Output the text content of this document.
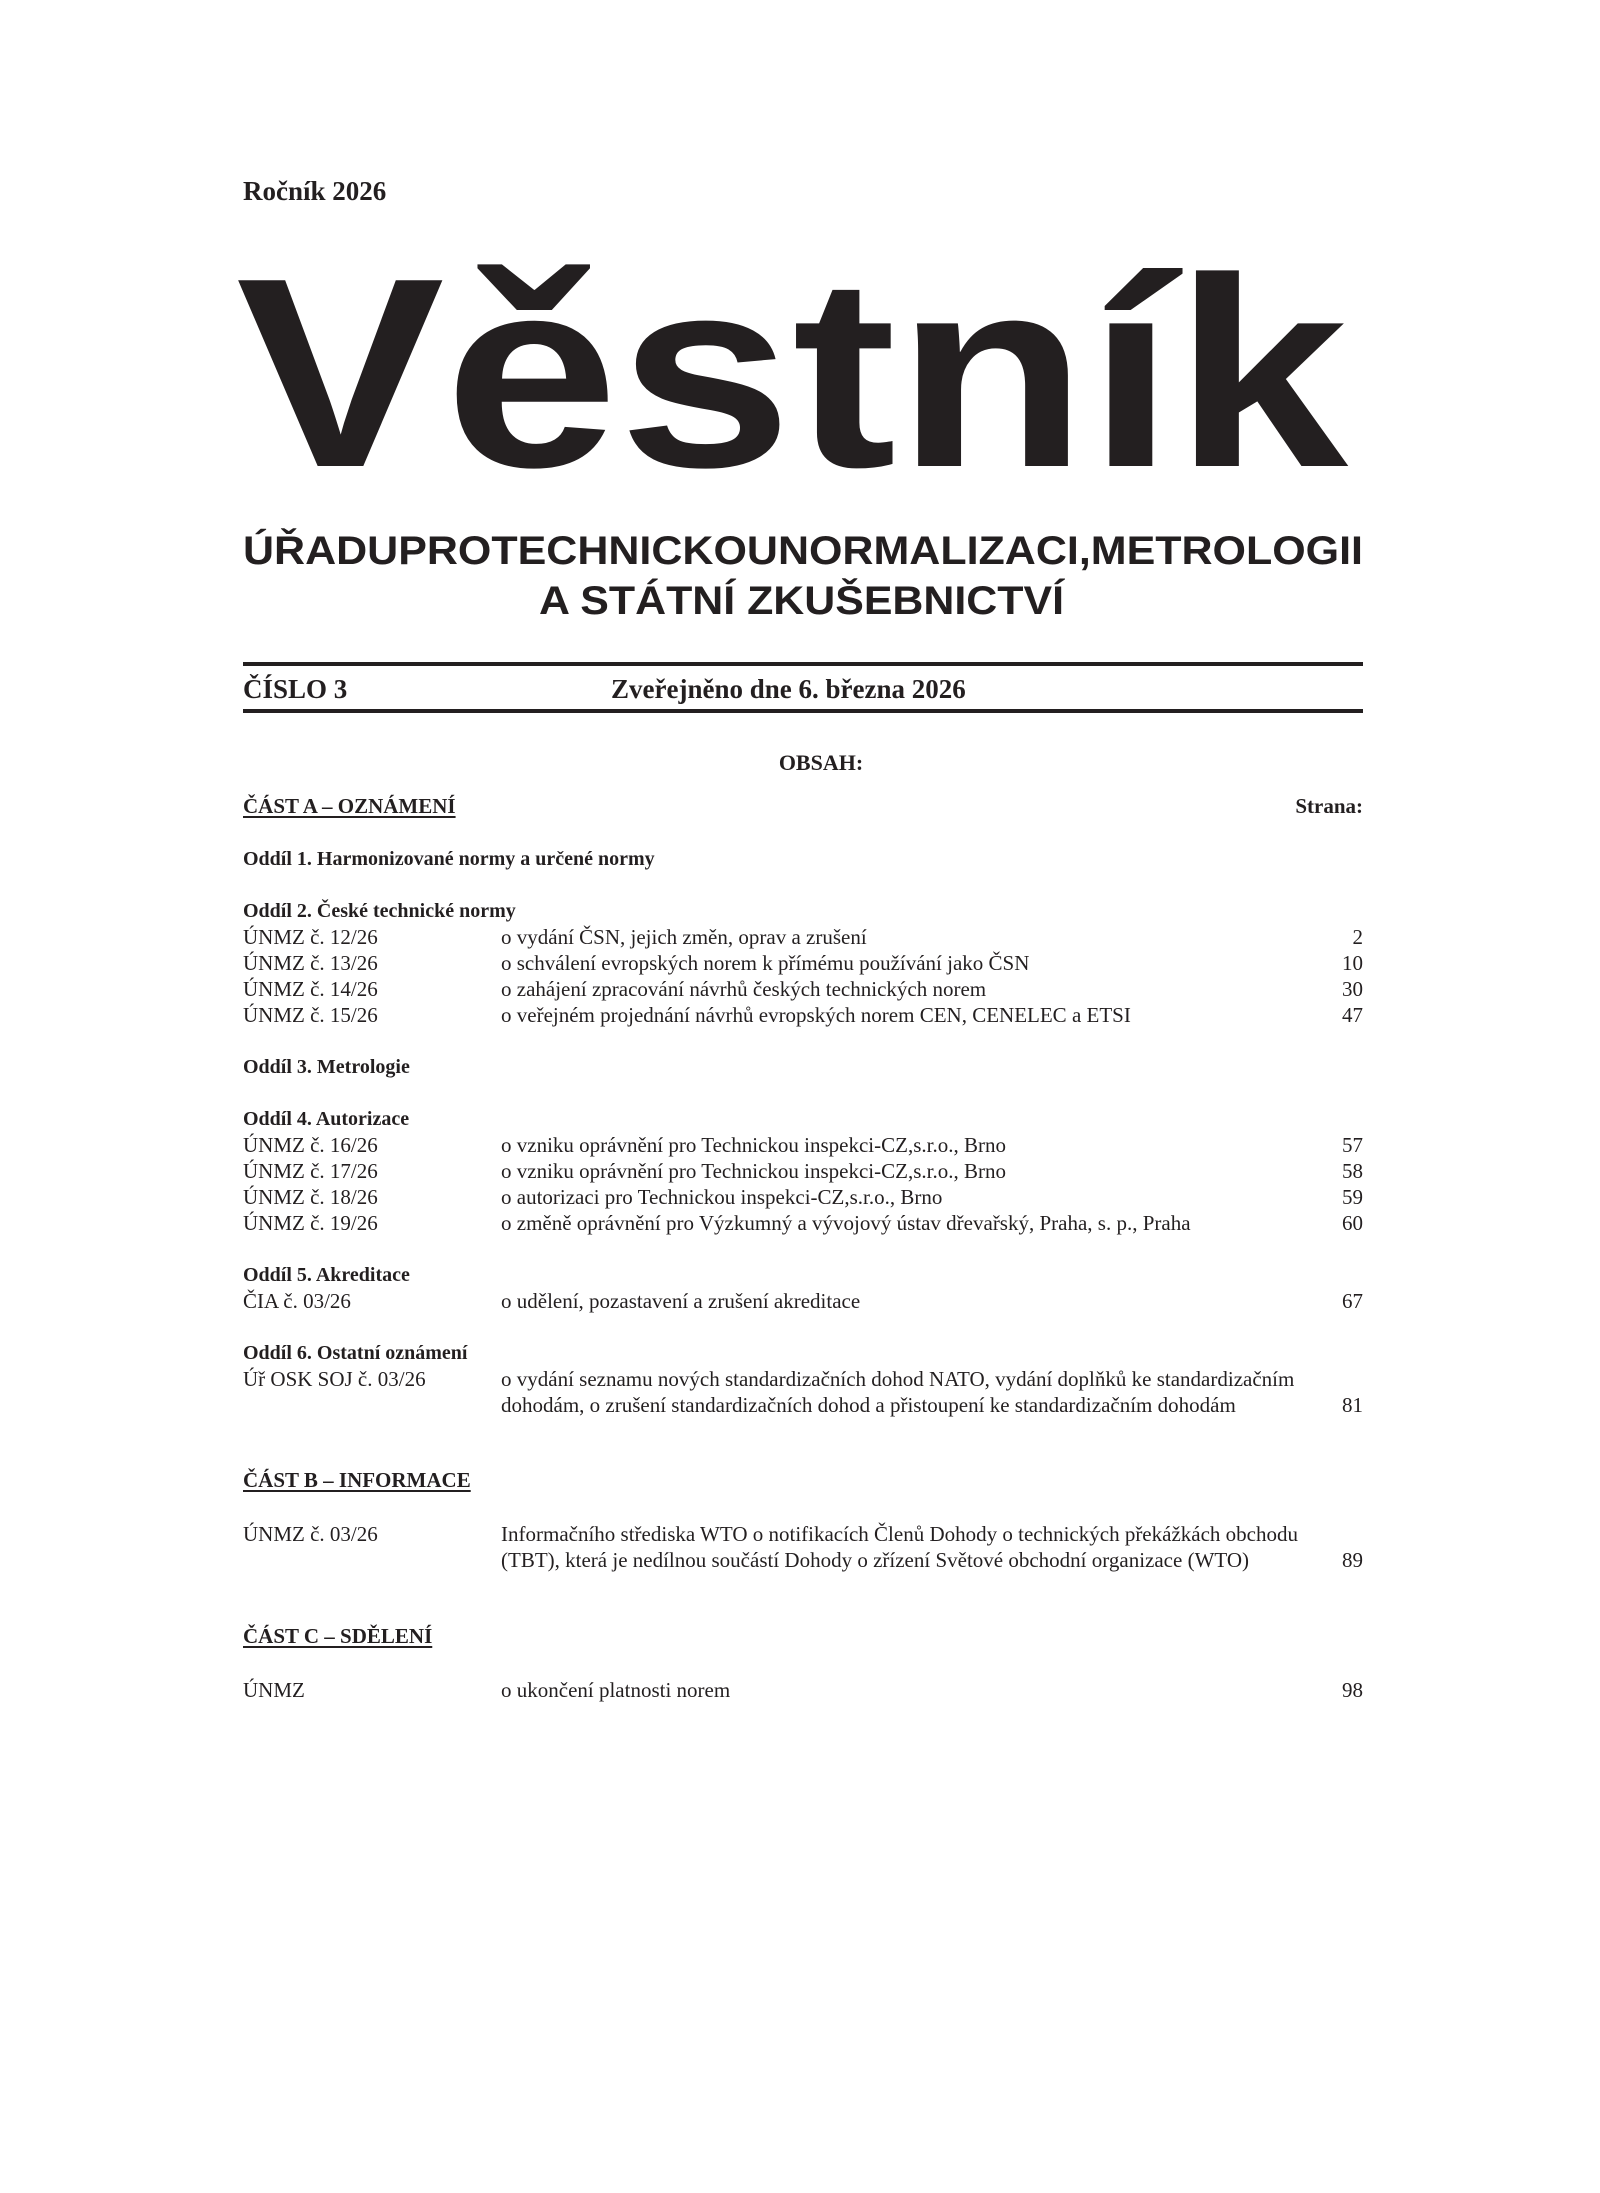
Ročník 2026
Věstník
ÚŘADUPROTECHNICKOUNORMALIZACI,METROLOGII
A STÁTNÍ ZKUŠEBNICTVÍ
ČÍSLO 3	Zveřejněno dne 6. března 2026
OBSAH:
ČÁST A – OZNÁMENÍ	Strana:
Oddíl 1. Harmonizované normy a určené normy
Oddíl 2. České technické normy
ÚNMZ č. 12/26	o vydání ČSN, jejich změn, oprav a zrušení	2
ÚNMZ č. 13/26	o schválení evropských norem k přímému používání jako ČSN	10
ÚNMZ č. 14/26	o zahájení zpracování návrhů českých technických norem	30
ÚNMZ č. 15/26	o veřejném projednání návrhů evropských norem CEN, CENELEC a ETSI	47
Oddíl 3. Metrologie
Oddíl 4. Autorizace
ÚNMZ č. 16/26	o vzniku oprávnění pro Technickou inspekci-CZ,s.r.o., Brno	57
ÚNMZ č. 17/26	o vzniku oprávnění pro Technickou inspekci-CZ,s.r.o., Brno	58
ÚNMZ č. 18/26	o autorizaci pro Technickou inspekci-CZ,s.r.o., Brno	59
ÚNMZ č. 19/26	o změně oprávnění pro Výzkumný a vývojový ústav dřevařský, Praha, s. p., Praha	60
Oddíl 5. Akreditace
ČIA č. 03/26	o udělení, pozastavení a zrušení akreditace	67
Oddíl 6. Ostatní oznámení
Úř OSK SOJ č. 03/26	o vydání seznamu nových standardizačních dohod NATO, vydání doplňků ke standardizačním
dohodám, o zrušení standardizačních dohod a přistoupení ke standardizačním dohodám	81
ČÁST B – INFORMACE
ÚNMZ č. 03/26	Informačního střediska WTO o notifikacích Členů Dohody o technických překážkách obchodu
(TBT), která je nedílnou součástí Dohody o zřízení Světové obchodní organizace (WTO)	89
ČÁST C – SDĚLENÍ
ÚNMZ	o ukončení platnosti norem	98
